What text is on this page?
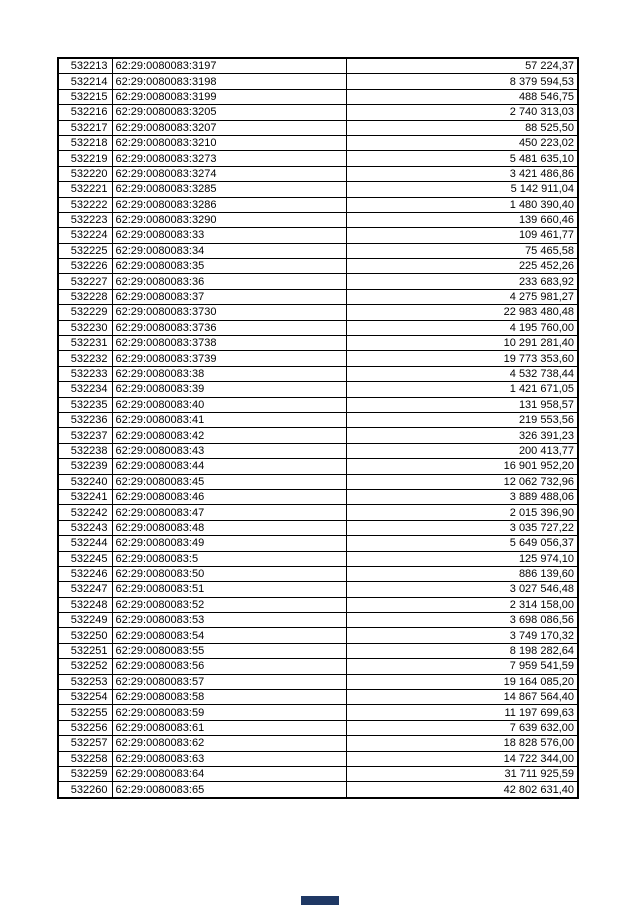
532213	62:29:0080083:3197	57 224,37
532214	62:29:0080083:3198	8 379 594,53
532215	62:29:0080083:3199	488 546,75
532216	62:29:0080083:3205	2 740 313,03
532217	62:29:0080083:3207	88 525,50
532218	62:29:0080083:3210	450 223,02
532219	62:29:0080083:3273	5 481 635,10
532220	62:29:0080083:3274	3 421 486,86
532221	62:29:0080083:3285	5 142 911,04
532222	62:29:0080083:3286	1 480 390,40
532223	62:29:0080083:3290	139 660,46
532224	62:29:0080083:33	109 461,77
532225	62:29:0080083:34	75 465,58
532226	62:29:0080083:35	225 452,26
532227	62:29:0080083:36	233 683,92
532228	62:29:0080083:37	4 275 981,27
532229	62:29:0080083:3730	22 983 480,48
532230	62:29:0080083:3736	4 195 760,00
532231	62:29:0080083:3738	10 291 281,40
532232	62:29:0080083:3739	19 773 353,60
532233	62:29:0080083:38	4 532 738,44
532234	62:29:0080083:39	1 421 671,05
532235	62:29:0080083:40	131 958,57
532236	62:29:0080083:41	219 553,56
532237	62:29:0080083:42	326 391,23
532238	62:29:0080083:43	200 413,77
532239	62:29:0080083:44	16 901 952,20
532240	62:29:0080083:45	12 062 732,96
532241	62:29:0080083:46	3 889 488,06
532242	62:29:0080083:47	2 015 396,90
532243	62:29:0080083:48	3 035 727,22
532244	62:29:0080083:49	5 649 056,37
532245	62:29:0080083:5	125 974,10
532246	62:29:0080083:50	886 139,60
532247	62:29:0080083:51	3 027 546,48
532248	62:29:0080083:52	2 314 158,00
532249	62:29:0080083:53	3 698 086,56
532250	62:29:0080083:54	3 749 170,32
532251	62:29:0080083:55	8 198 282,64
532252	62:29:0080083:56	7 959 541,59
532253	62:29:0080083:57	19 164 085,20
532254	62:29:0080083:58	14 867 564,40
532255	62:29:0080083:59	11 197 699,63
532256	62:29:0080083:61	7 639 632,00
532257	62:29:0080083:62	18 828 576,00
532258	62:29:0080083:63	14 722 344,00
532259	62:29:0080083:64	31 711 925,59
532260	62:29:0080083:65	42 802 631,40
